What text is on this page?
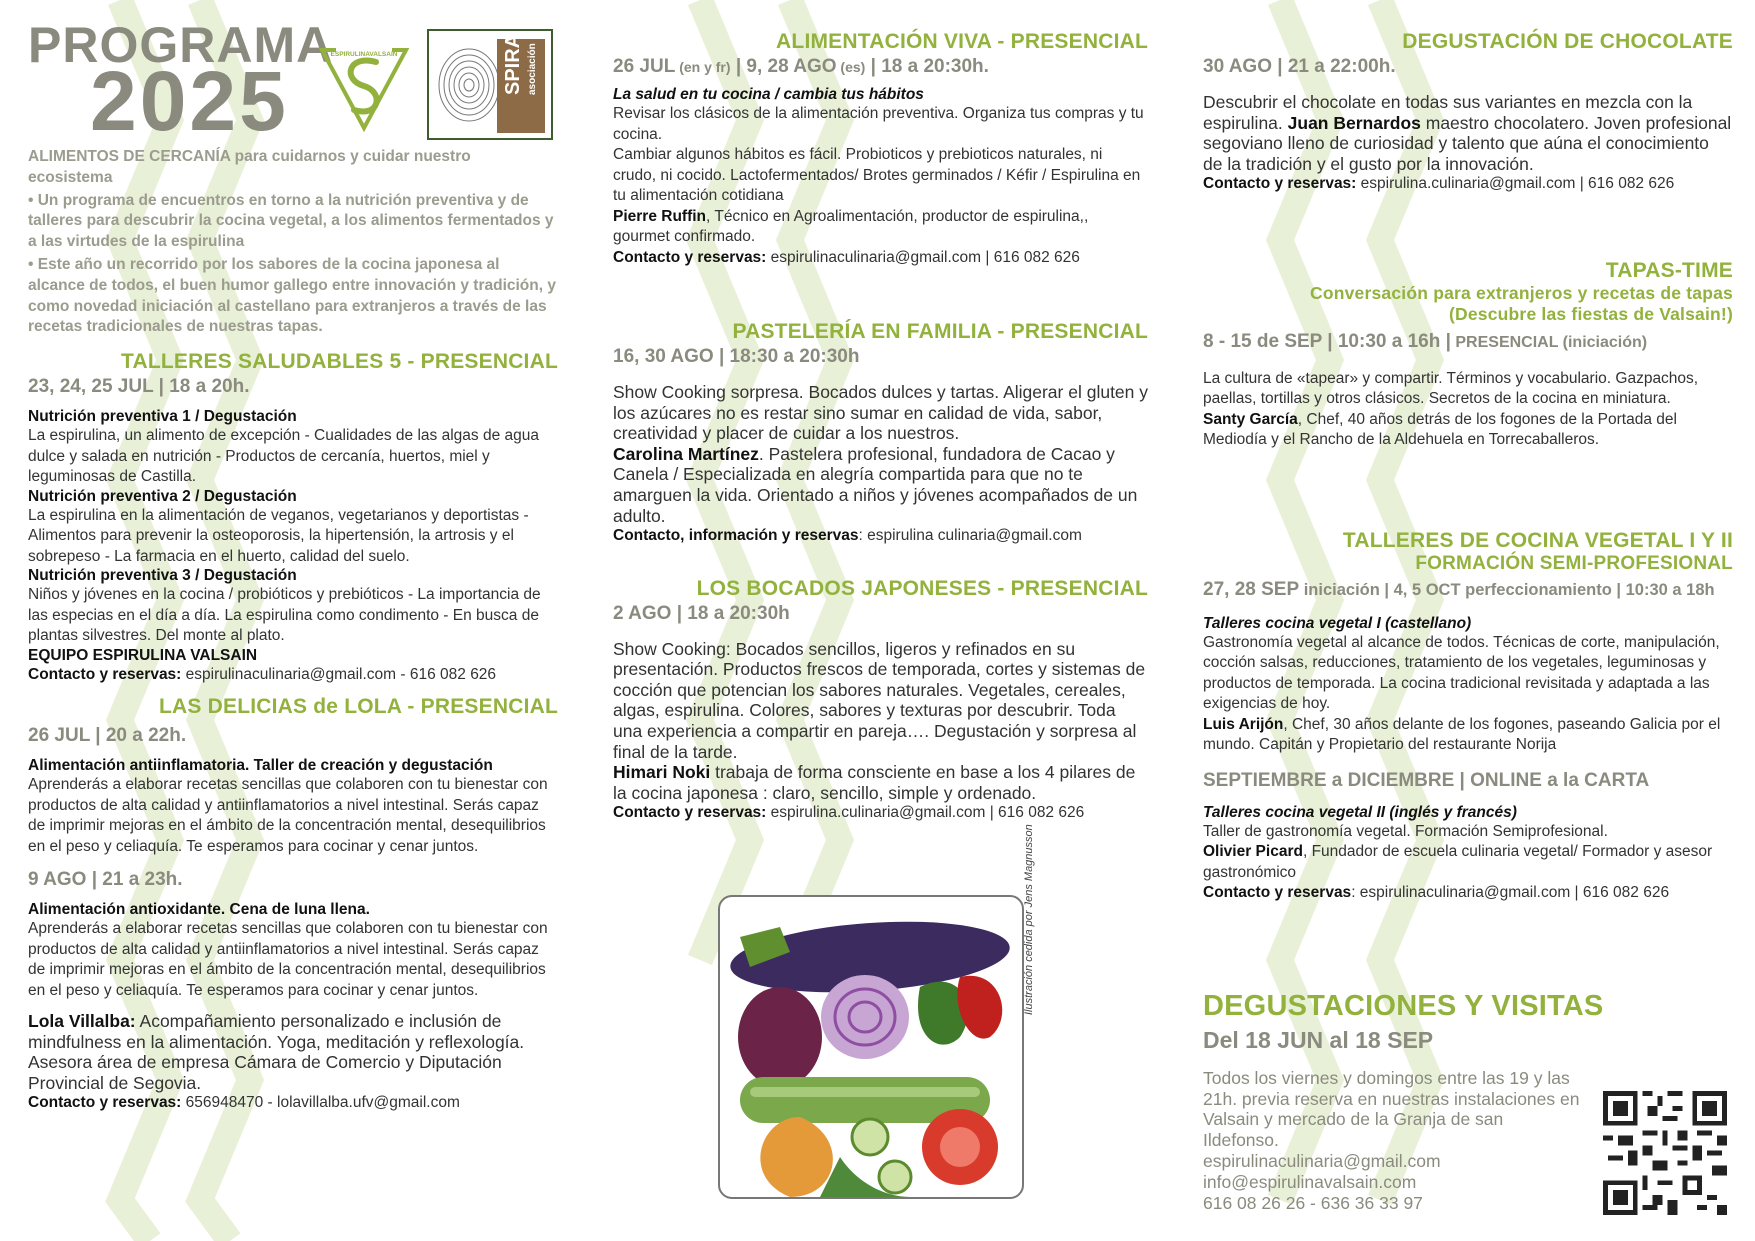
PROGRAMA
2025	ESPIRULINAVALSAIN	SPIRA asociación

ALIMENTOS DE CERCANÍA para cuidarnos y cuidar nuestro ecosistema

• Un programa de encuentros en torno a la nutrición preventiva y de talleres para descubrir la cocina vegetal, a los alimentos fermentados y a las virtudes de la espirulina

• Este año un recorrido por los sabores de la cocina japonesa al alcance de todos, el buen humor gallego entre innovación y tradición, y como novedad iniciación al castellano para extranjeros a través de las recetas tradicionales de nuestras tapas.

TALLERES SALUDABLES 5 - PRESENCIAL
23, 24, 25 JUL | 18 a 20h.
Nutrición preventiva 1 / Degustación

La espirulina, un alimento de excepción - Cualidades de las algas de agua dulce y salada en nutrición - Productos de cercanía, huertos, miel y leguminosas de Castilla.

Nutrición preventiva 2 / Degustación

La espirulina en la alimentación de veganos, vegetarianos y deportistas - Alimentos para prevenir la osteoporosis, la hipertensión, la artrosis y el sobrepeso - La farmacia en el huerto, calidad del suelo.

Nutrición preventiva 3 / Degustación

Niños y jóvenes en la cocina / probióticos y prebióticos - La importancia de las especias en el día a día. La espirulina como condimento - En busca de plantas silvestres. Del monte al plato.

EQUIPO ESPIRULINA VALSAIN
Contacto y reservas: espirulinaculinaria@gmail.com - 616 082 626
LAS DELICIAS de LOLA - PRESENCIAL
26 JUL | 20 a 22h.
Alimentación antiinflamatoria. Taller de creación y degustación

Aprenderás a elaborar recetas sencillas que colaboren con tu bienestar con productos de alta calidad y antiinflamatorios a nivel intestinal. Serás capaz de imprimir mejoras en el ámbito de la concentración mental, desequilibrios en el peso y celiaquía. Te esperamos para cocinar y cenar juntos.

9 AGO | 21 a 23h.
Alimentación antioxidante. Cena de luna llena.

Aprenderás a elaborar recetas sencillas que colaboren con tu bienestar con productos de alta calidad y antiinflamatorios a nivel intestinal. Serás capaz de imprimir mejoras en el ámbito de la concentración mental, desequilibrios en el peso y celiaquía. Te esperamos para cocinar y cenar juntos.

Lola Villalba: Acompañamiento personalizado e inclusión de mindfulness en la alimentación. Yoga, meditación y reflexología. Asesora área de empresa Cámara de Comercio y Diputación Provincial de Segovia.

Contacto y reservas: 656948470 - lolavillalba.ufv@gmail.com
ALIMENTACIÓN VIVA - PRESENCIAL
26 JUL (en y fr) | 9, 28 AGO (es) | 18 a 20:30h.
La salud en tu cocina / cambia tus hábitos

Revisar los clásicos de la alimentación preventiva. Organiza tus compras y tu cocina.

Cambiar algunos hábitos es fácil. Probioticos y prebioticos naturales, ni crudo, ni cocido. Lactofermentados/ Brotes germinados / Kéfir / Espirulina en tu alimentación cotidiana

Pierre Ruffin, Técnico en Agroalimentación, productor de espirulina,, gourmet confirmado.

Contacto y reservas: espirulinaculinaria@gmail.com | 616 082 626
PASTELERÍA EN FAMILIA - PRESENCIAL
16, 30 AGO | 18:30 a 20:30h

Show Cooking sorpresa. Bocados dulces y tartas. Aligerar el gluten y los azúcares no es restar sino sumar en calidad de vida, sabor, creatividad y placer de cuidar a los nuestros.

Carolina Martínez. Pastelera profesional, fundadora de Cacao y Canela / Especializada en alegría compartida para que no te amarguen la vida. Orientado a niños y jóvenes acompañados de un adulto.

Contacto, información y reservas: espirulina culinaria@gmail.com
LOS BOCADOS JAPONESES - PRESENCIAL
2 AGO | 18 a 20:30h

Show Cooking: Bocados sencillos, ligeros y refinados en su presentación. Productos frescos de temporada, cortes y sistemas de cocción que potencian los sabores naturales. Vegetales, cereales, algas, espirulina. Colores, sabores y texturas por descubrir. Toda una experiencia a compartir en pareja…. Degustación y sorpresa al final de la tarde.

Himari Noki trabaja de forma consciente en base a los 4 pilares de la cocina japonesa : claro, sencillo, simple y ordenado.

Contacto y reservas: espirulina.culinaria@gmail.com | 616 082 626
Ilustración cedida por Jens Magnusson
DEGUSTACIÓN DE CHOCOLATE
30 AGO | 21 a 22:00h.

Descubrir el chocolate en todas sus variantes en mezcla con la espirulina. Juan Bernardos maestro chocolatero. Joven profesional segoviano lleno de curiosidad y talento que aúna el conocimiento de la tradición y el gusto por la innovación.

Contacto y reservas: espirulina.culinaria@gmail.com | 616 082 626
TAPAS-TIME
Conversación para extranjeros y recetas de tapas
(Descubre las fiestas de Valsain!)
8 - 15 de SEP | 10:30 a 16h | PRESENCIAL (iniciación)

La cultura de «tapear» y compartir. Términos y vocabulario. Gazpachos, paellas, tortillas y otros clásicos. Secretos de la cocina en miniatura.

Santy García, Chef, 40 años detrás de los fogones de la Portada del Mediodía y el Rancho de la Aldehuela en Torrecaballeros.

TALLERES DE COCINA VEGETAL I Y II
FORMACIÓN SEMI-PROFESIONAL
27, 28 SEP iniciación | 4, 5 OCT perfeccionamiento | 10:30 a 18h
Talleres cocina vegetal I (castellano)

Gastronomía vegetal al alcance de todos. Técnicas de corte, manipulación, cocción salsas, reducciones, tratamiento de los vegetales, leguminosas y productos de temporada. La cocina tradicional revisitada y adaptada a las exigencias de hoy.

Luis Arijón, Chef, 30 años delante de los fogones, paseando Galicia por el mundo. Capitán y Propietario del restaurante Norija

SEPTIEMBRE a DICIEMBRE | ONLINE a la CARTA
Talleres cocina vegetal II (inglés y francés)

Taller de gastronomía vegetal. Formación Semiprofesional.

Olivier Picard, Fundador de escuela culinaria vegetal/ Formador y asesor gastronómico

Contacto y reservas: espirulinaculinaria@gmail.com | 616 082 626
DEGUSTACIONES Y VISITAS
Del 18 JUN al 18 SEP
Todos los viernes y domingos entre las 19 y las 21h. previa reserva en nuestras instalaciones en Valsain y mercado de la Granja de san Ildefonso.
espirulinaculinaria@gmail.com
info@espirulinavalsain.com
616 08 26 26 - 636 36 33 97
